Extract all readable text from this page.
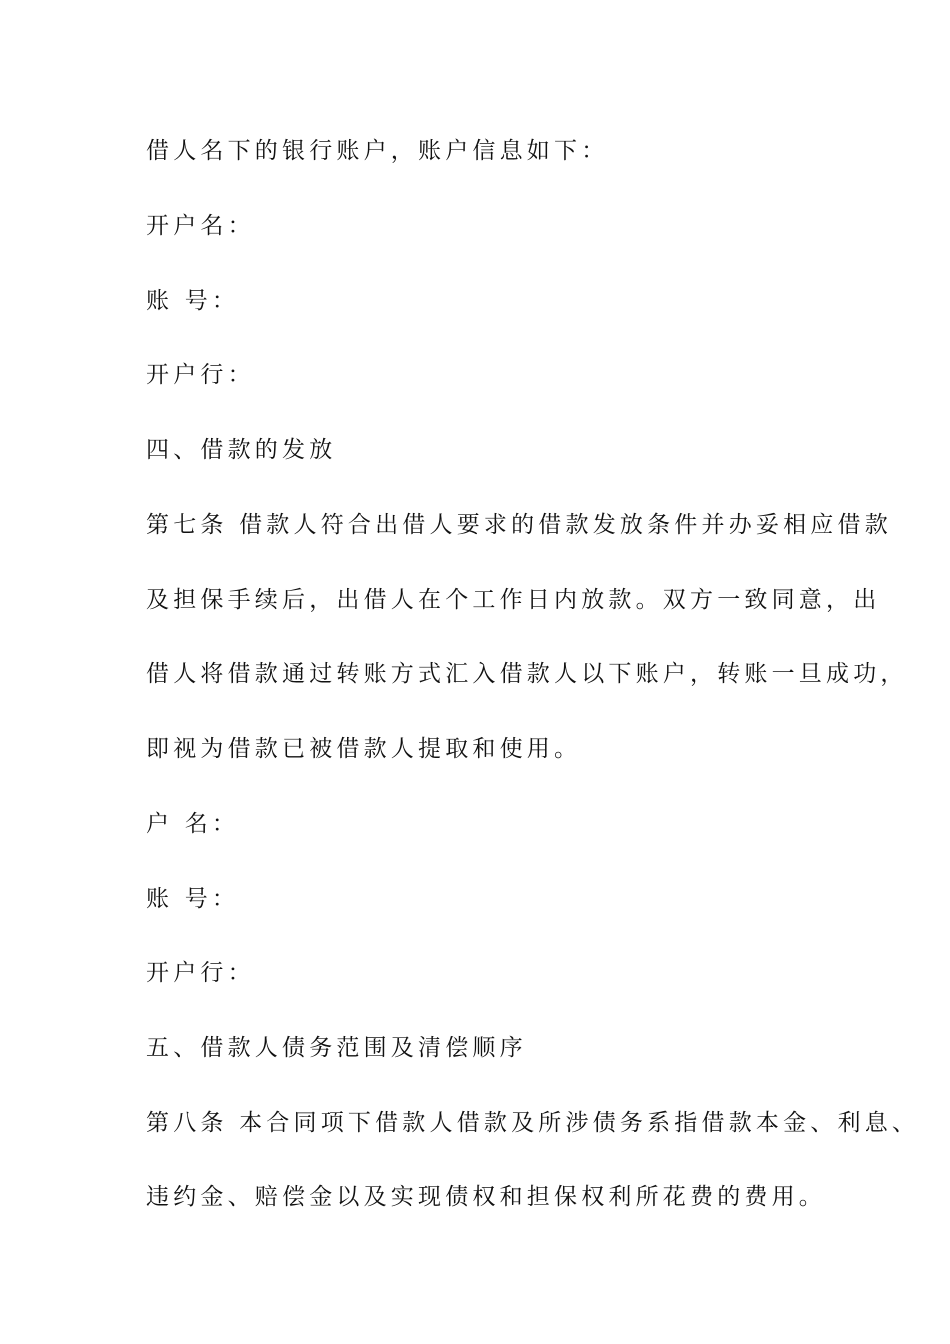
借人名下的银行账户，账户信息如下：
开户名：
账 号：
开户行：
四、借款的发放
第七条 借款人符合出借人要求的借款发放条件并办妥相应借款
及担保手续后，出借人在个工作日内放款。双方一致同意，出
借人将借款通过转账方式汇入借款人以下账户，转账一旦成功，
即视为借款已被借款人提取和使用。
户 名：
账 号：
开户行：
五、借款人债务范围及清偿顺序
第八条 本合同项下借款人借款及所涉债务系指借款本金、利息、
违约金、赔偿金以及实现债权和担保权利所花费的费用。
